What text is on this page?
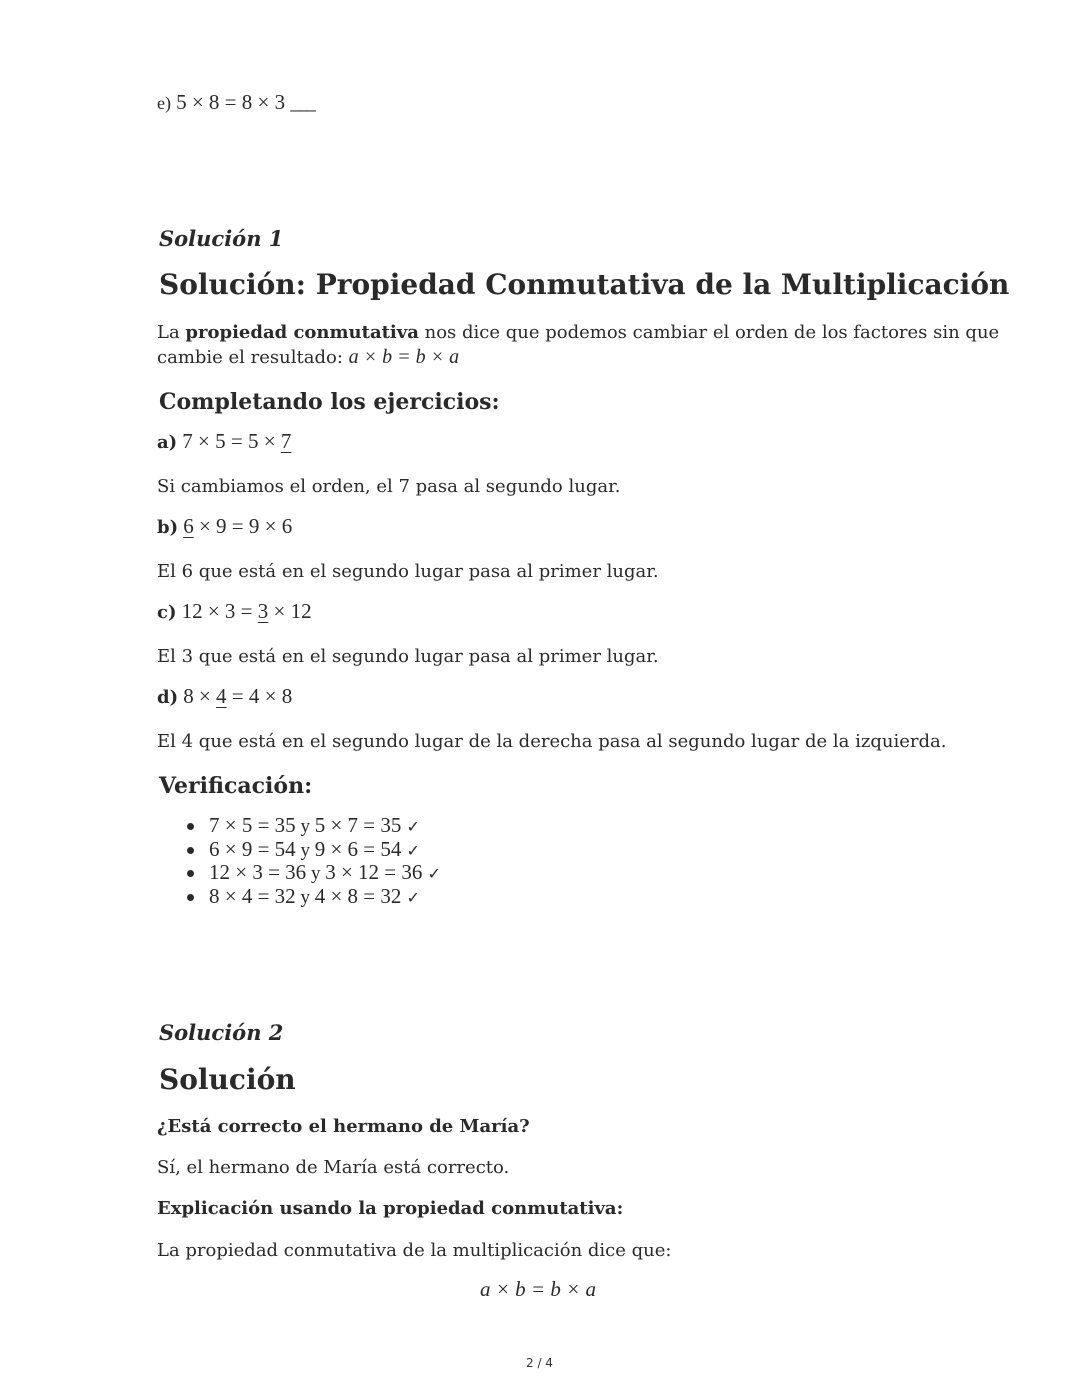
e) 5 × 8 = 8 × 3 ___
Solución 1
Solución: Propiedad Conmutativa de la Multiplicación
La propiedad conmutativa nos dice que podemos cambiar el orden de los factores sin que
cambie el resultado: a × b = b × a
Completando los ejercicios:
a) 7 × 5 = 5 × 7
Si cambiamos el orden, el 7 pasa al segundo lugar.
b) 6 × 9 = 9 × 6
El 6 que está en el segundo lugar pasa al primer lugar.
c) 12 × 3 = 3 × 12
El 3 que está en el segundo lugar pasa al primer lugar.
d) 8 × 4 = 4 × 8
El 4 que está en el segundo lugar de la derecha pasa al segundo lugar de la izquierda.
Verificación:
7 × 5 = 35 y 5 × 7 = 35 ✓
6 × 9 = 54 y 9 × 6 = 54 ✓
12 × 3 = 36 y 3 × 12 = 36 ✓
8 × 4 = 32 y 4 × 8 = 32 ✓
Solución 2
Solución
¿Está correcto el hermano de María?
Sí, el hermano de María está correcto.
Explicación usando la propiedad conmutativa:
La propiedad conmutativa de la multiplicación dice que:
a × b = b × a
2 / 4
